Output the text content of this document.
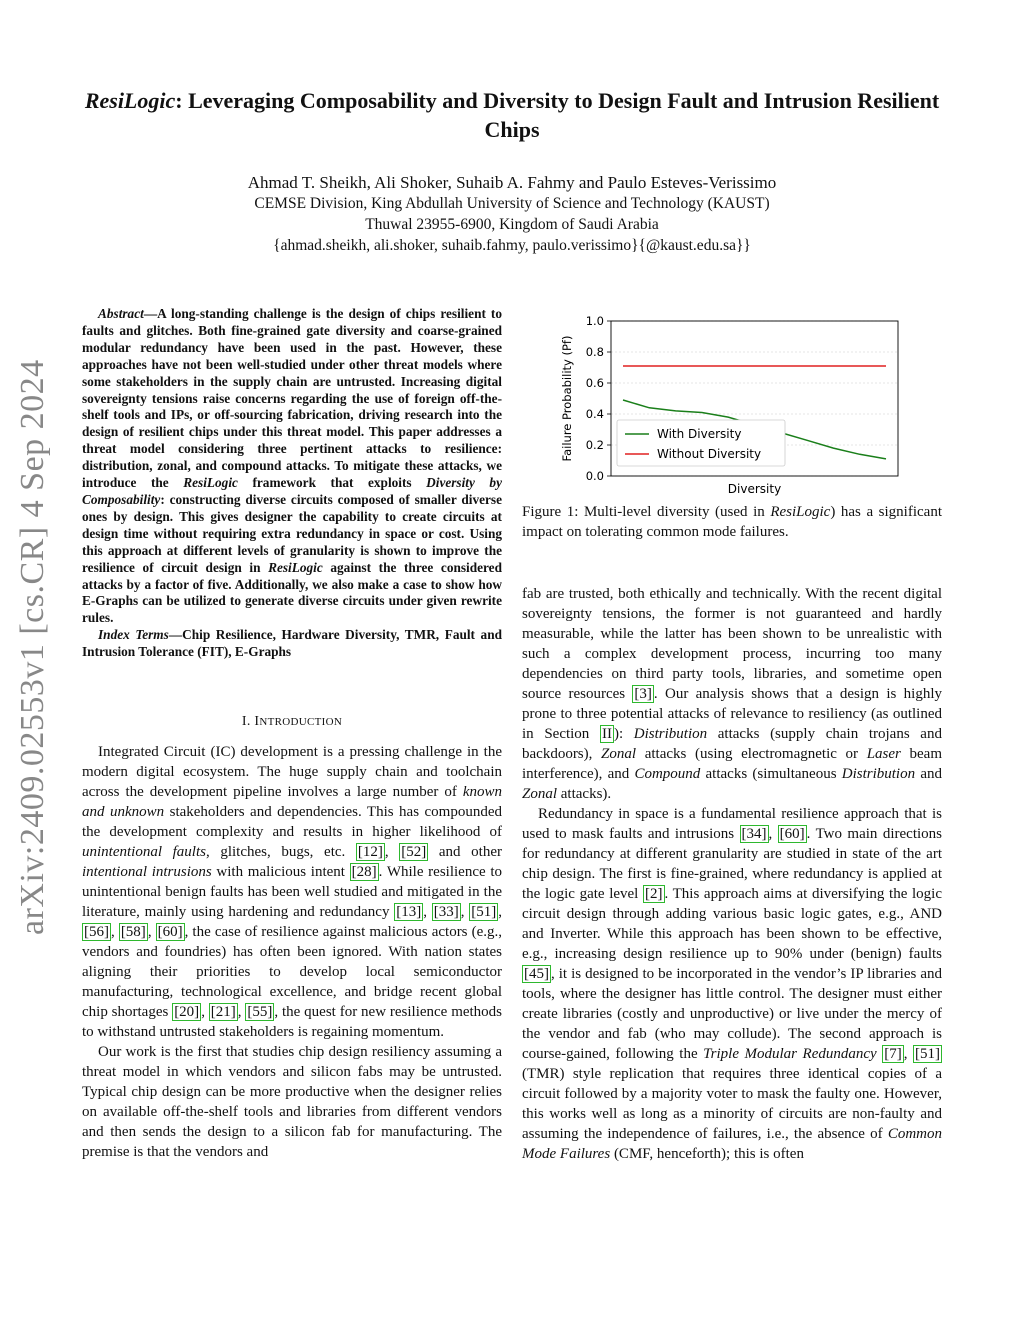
arXiv:2409.02553v1 [cs.CR] 4 Sep 2024
ResiLogic: Leveraging Composability and Diversity to Design Fault and Intrusion Resilient Chips
Ahmad T. Sheikh, Ali Shoker, Suhaib A. Fahmy and Paulo Esteves-Verissimo
CEMSE Division, King Abdullah University of Science and Technology (KAUST)
Thuwal 23955-6900, Kingdom of Saudi Arabia
{ahmad.sheikh, ali.shoker, suhaib.fahmy, paulo.verissimo}{@kaust.edu.sa}}
Abstract—A long-standing challenge is the design of chips resilient to faults and glitches. Both fine-grained gate diversity and coarse-grained modular redundancy have been used in the past. However, these approaches have not been well-studied under other threat models where some stakeholders in the supply chain are untrusted. Increasing digital sovereignty tensions raise concerns regarding the use of foreign off-the-shelf tools and IPs, or off-sourcing fabrication, driving research into the design of resilient chips under this threat model. This paper addresses a threat model considering three pertinent attacks to resilience: distribution, zonal, and compound attacks. To mitigate these attacks, we introduce the ResiLogic framework that exploits Diversity by Composability: constructing diverse circuits composed of smaller diverse ones by design. This gives designer the capability to create circuits at design time without requiring extra redundancy in space or cost. Using this approach at different levels of granularity is shown to improve the resilience of circuit design in ResiLogic against the three considered attacks by a factor of five. Additionally, we also make a case to show how E-Graphs can be utilized to generate diverse circuits under given rewrite rules.
Index Terms—Chip Resilience, Hardware Diversity, TMR, Fault and Intrusion Tolerance (FIT), E-Graphs
I. INTRODUCTION

Integrated Circuit (IC) development is a pressing challenge in the modern digital ecosystem. The huge supply chain and toolchain across the development pipeline involves a large number of known and unknown stakeholders and dependencies. This has compounded the development complexity and results in higher likelihood of unintentional faults, glitches, bugs, etc. [12] , [52] and other intentional intrusions with malicious intent [28] . While resilience to unintentional benign faults has been well studied and mitigated in the literature, mainly using hardening and redundancy [13] , [33] , [51] , [56] , [58] , [60] , the case of resilience against malicious actors (e.g., vendors and foundries) has often been ignored. With nation states aligning their priorities to develop local semiconductor manufacturing, technological excellence, and bridge recent global chip shortages [20] , [21] , [55] , the quest for new resilience methods to withstand untrusted stakeholders is regaining momentum.

Our work is the first that studies chip design resiliency assuming a threat model in which vendors and silicon fabs may be untrusted. Typical chip design can be more productive when the designer relies on available off-the-shelf tools and libraries from different vendors and then sends the design to a silicon fab for manufacturing. The premise is that the vendors and

0.0
0.2
0.4
0.6
0.8
1.0
Diversity
Failure Probability (Pf)	With Diversity
Without Diversity
Figure 1: Multi-level diversity (used in ResiLogic) has a significant impact on tolerating common mode failures.

fab are trusted, both ethically and technically. With the recent digital sovereignty tensions, the former is not guaranteed and hardly measurable, while the latter has been shown to be unrealistic with such a complex development process, incurring too many dependencies on third party tools, libraries, and sometime open source resources [3] . Our analysis shows that a design is highly prone to three potential attacks of relevance to resiliency (as outlined in Section II ): Distribution attacks (supply chain trojans and backdoors), Zonal attacks (using electromagnetic or Laser beam interference), and Compound attacks (simultaneous Distribution and Zonal attacks).

Redundancy in space is a fundamental resilience approach that is used to mask faults and intrusions [34] , [60] . Two main directions for redundancy at different granularity are studied in state of the art chip design. The first is fine-grained, where redundancy is applied at the logic gate level [2] . This approach aims at diversifying the logic circuit design through adding various basic logic gates, e.g., AND and Inverter. While this approach has been shown to be effective, e.g., increasing design resilience up to 90% under (benign) faults [45] , it is designed to be incorporated in the vendor’s IP libraries and tools, where the designer has little control. The designer must either create libraries (costly and unproductive) or live under the mercy of the vendor and fab (who may collude). The second approach is course-gained, following the Triple Modular Redundancy [7] , [51] (TMR) style replication that requires three identical copies of a circuit followed by a majority voter to mask the faulty one. However, this works well as long as a minority of circuits are non-faulty and assuming the independence of failures, i.e., the absence of Common Mode Failures (CMF, henceforth); this is often
